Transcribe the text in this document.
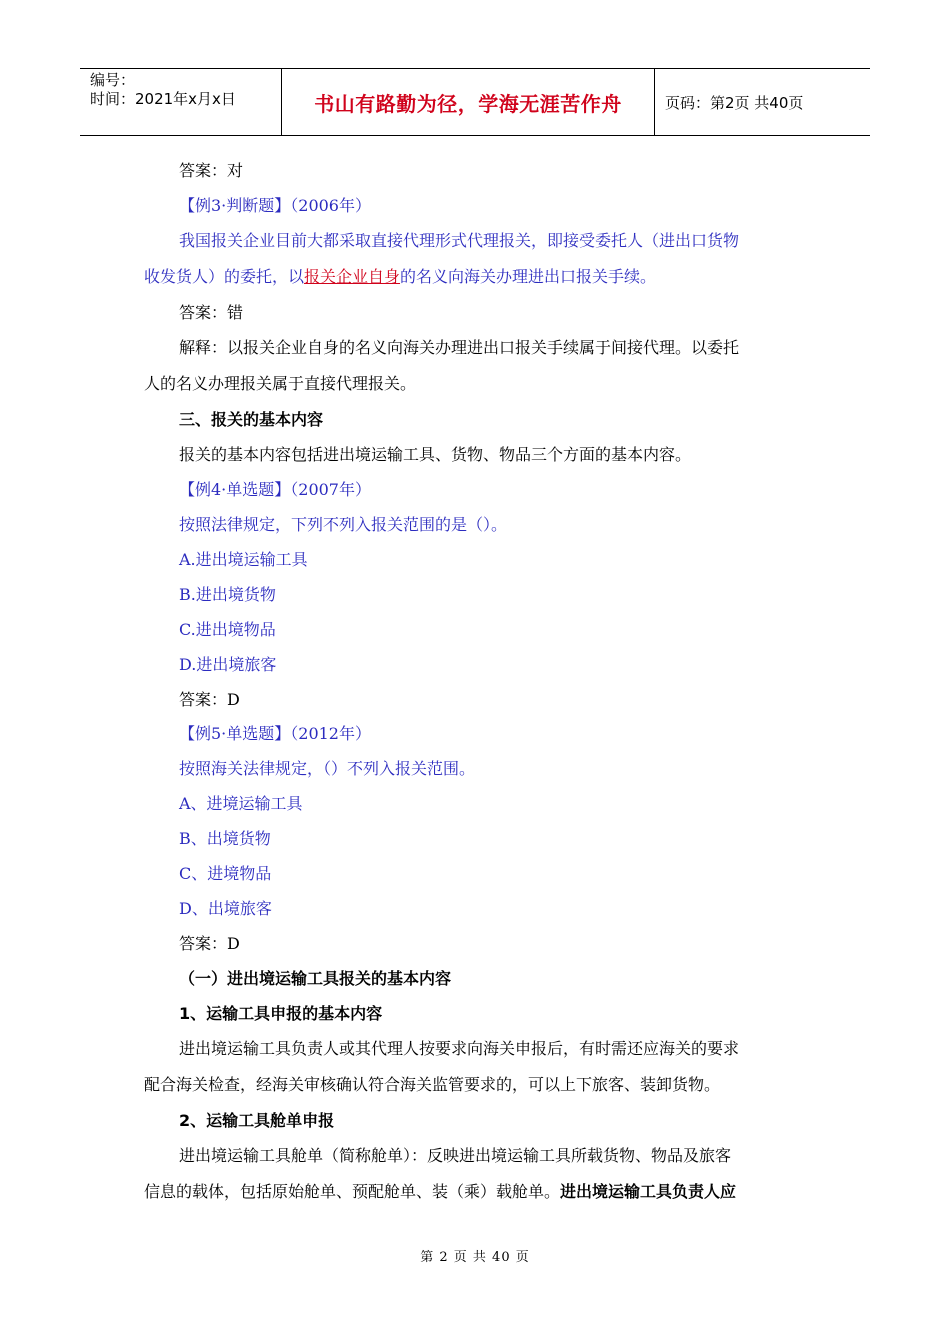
编号：
时间：2021年x月x日	书山有路勤为径，学海无涯苦作舟	页码：第2页 共40页
答案：对
【例3·判断题】（2006年）
我国报关企业目前大都采取直接代理形式代理报关，即接受委托人（进出口货物
收发货人）的委托，以报关企业自身的名义向海关办理进出口报关手续。
答案：错
解释：以报关企业自身的名义向海关办理进出口报关手续属于间接代理。以委托
人的名义办理报关属于直接代理报关。
三、报关的基本内容
报关的基本内容包括进出境运输工具、货物、物品三个方面的基本内容。
【例4·单选题】（2007年）
按照法律规定，下列不列入报关范围的是（）。
A.进出境运输工具
B.进出境货物
C.进出境物品
D.进出境旅客
答案：D
【例5·单选题】（2012年）
按照海关法律规定，（）不列入报关范围。
A、进境运输工具
B、出境货物
C、进境物品
D、出境旅客
答案：D
（一）进出境运输工具报关的基本内容
1、运输工具申报的基本内容
进出境运输工具负责人或其代理人按要求向海关申报后，有时需还应海关的要求
配合海关检查，经海关审核确认符合海关监管要求的，可以上下旅客、装卸货物。
2、运输工具舱单申报
进出境运输工具舱单（简称舱单）：反映进出境运输工具所载货物、物品及旅客
信息的载体，包括原始舱单、预配舱单、装（乘）载舱单。进出境运输工具负责人应
第 2 页 共 40 页
